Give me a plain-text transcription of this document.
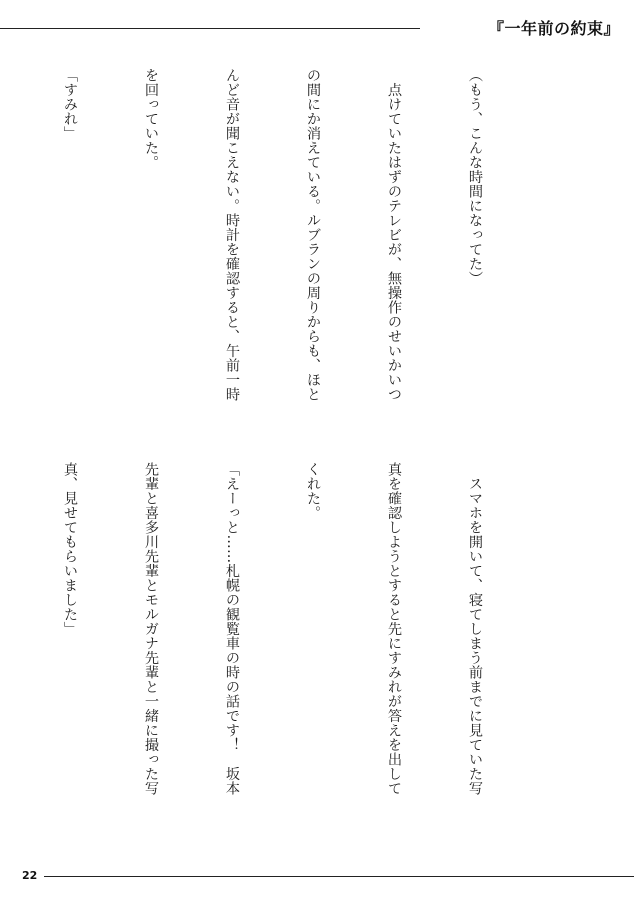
『一年前の約束』

（もう、こんな時間になってた）

　点けていたはずのテレビが、無操作のせいかいつ

の間にか消えている。ルブランの周りからも、ほと

んど音が聞こえない。時計を確認すると、午前一時

を回っていた。

「すみれ」

　スマホを開いて、寝てしまう前までに見ていた写

真を確認しようとすると先にすみれが答えを出して

くれた。

「えーっと……札幌の観覧車の時の話です！　坂本

先輩と喜多川先輩とモルガナ先輩と一緒に撮った写

真、見せてもらいました」

22
